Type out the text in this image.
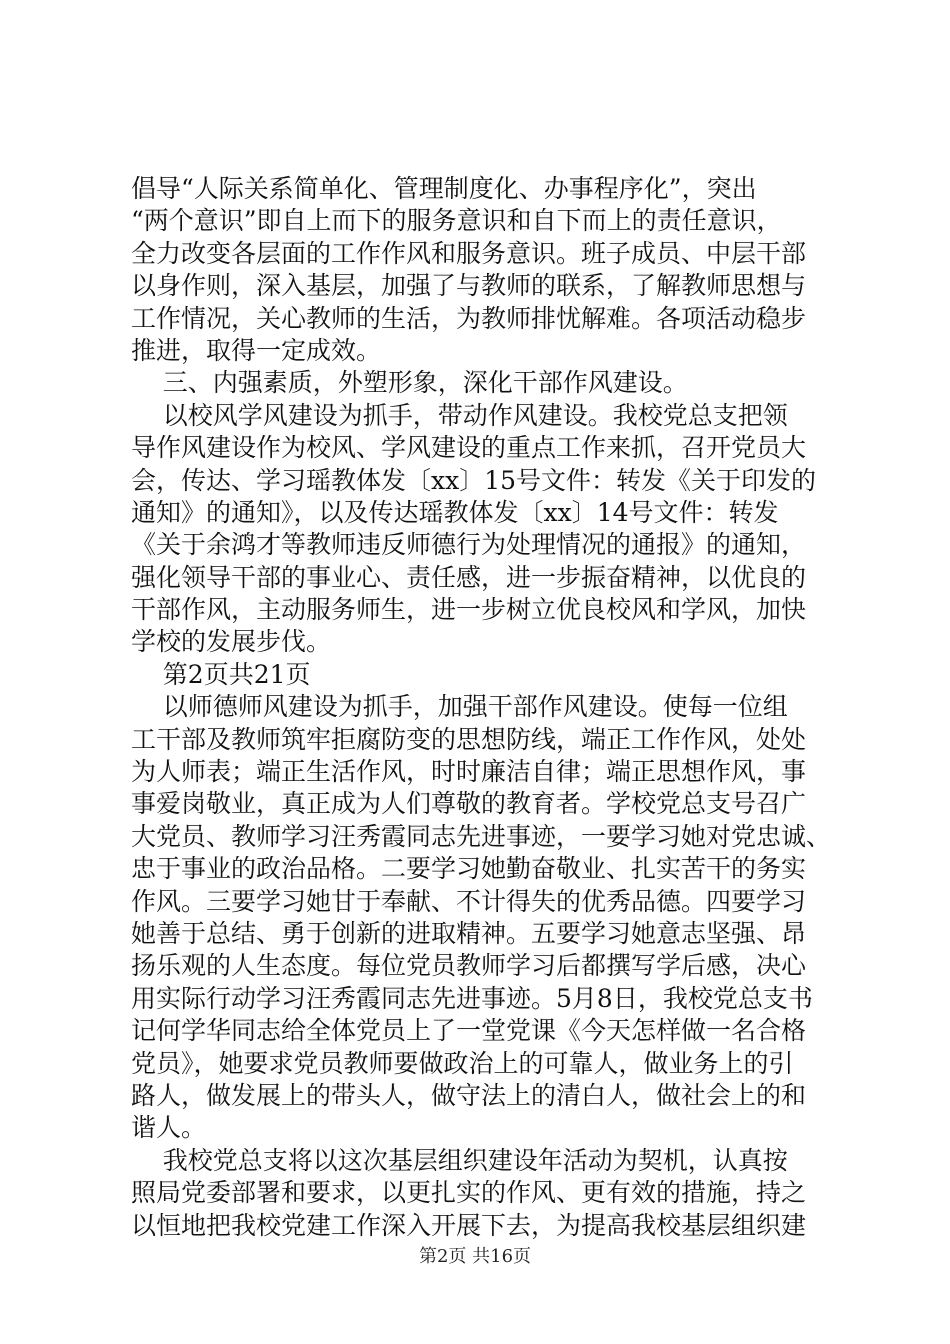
倡导“人际关系简单化、管理制度化、办事程序化”，突出
“两个意识”即自上而下的服务意识和自下而上的责任意识，
全力改变各层面的工作作风和服务意识。班子成员、中层干部
以身作则，深入基层，加强了与教师的联系，了解教师思想与
工作情况，关心教师的生活，为教师排忧解难。各项活动稳步
推进，取得一定成效。
三、内强素质，外塑形象，深化干部作风建设。
以校风学风建设为抓手，带动作风建设。我校党总支把领
导作风建设作为校风、学风建设的重点工作来抓，召开党员大
会，传达、学习瑶教体发〔xx〕15号文件：转发《关于印发的
通知》的通知》，以及传达瑶教体发〔xx〕14号文件：转发
《关于余鸿才等教师违反师德行为处理情况的通报》的通知，
强化领导干部的事业心、责任感，进一步振奋精神，以优良的
干部作风，主动服务师生，进一步树立优良校风和学风，加快
学校的发展步伐。
第2页共21页
以师德师风建设为抓手，加强干部作风建设。使每一位组
工干部及教师筑牢拒腐防变的思想防线，端正工作作风，处处
为人师表；端正生活作风，时时廉洁自律；端正思想作风，事
事爱岗敬业，真正成为人们尊敬的教育者。学校党总支号召广
大党员、教师学习汪秀霞同志先进事迹，一要学习她对党忠诚、
忠于事业的政治品格。二要学习她勤奋敬业、扎实苦干的务实
作风。三要学习她甘于奉献、不计得失的优秀品德。四要学习
她善于总结、勇于创新的进取精神。五要学习她意志坚强、昂
扬乐观的人生态度。每位党员教师学习后都撰写学后感，决心
用实际行动学习汪秀霞同志先进事迹。5月8日，我校党总支书
记何学华同志给全体党员上了一堂党课《今天怎样做一名合格
党员》，她要求党员教师要做政治上的可靠人，做业务上的引
路人，做发展上的带头人，做守法上的清白人，做社会上的和
谐人。
我校党总支将以这次基层组织建设年活动为契机，认真按
照局党委部署和要求，以更扎实的作风、更有效的措施，持之
以恒地把我校党建工作深入开展下去，为提高我校基层组织建
第2页 共16页
